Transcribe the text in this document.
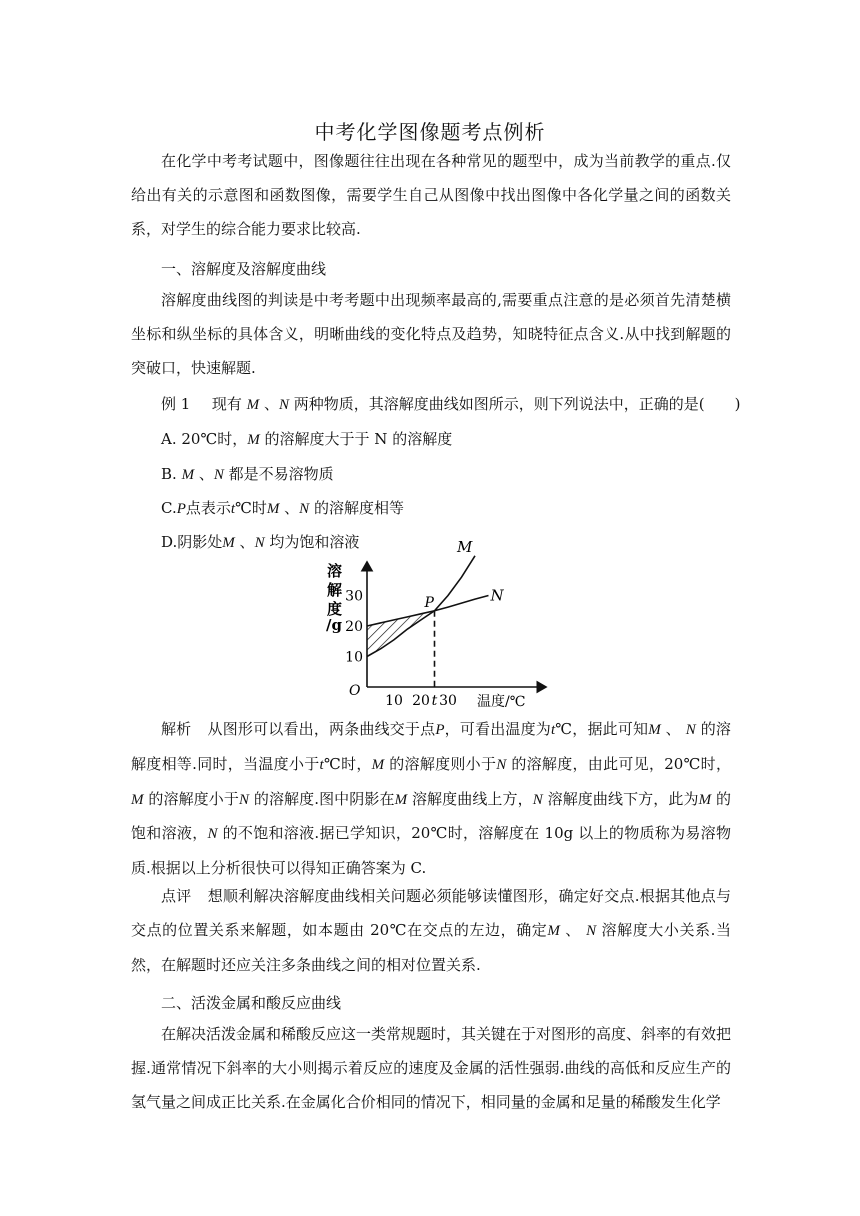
中考化学图像题考点例析

在化学中考考试题中，图像题往往出现在各种常见的题型中，成为当前教学的重点.仅给出有关的示意图和函数图像，需要学生自己从图像中找出图像中各化学量之间的函数关系，对学生的综合能力要求比较高.

一、溶解度及溶解度曲线

溶解度曲线图的判读是中考考题中出现频率最高的,需要重点注意的是必须首先清楚横坐标和纵坐标的具体含义，明晰曲线的变化特点及趋势，知晓特征点含义.从中找到解题的突破口，快速解题.

例 1 现有 M 、N 两种物质，其溶解度曲线如图所示，则下列说法中，正确的是(　　)
A. 20℃时，M 的溶解度大于于 N 的溶解度
B. M 、N 都是不易溶物质
C.P点表示t℃时M 、N 的溶解度相等
D.阴影处M 、N 均为饱和溶液
溶
解
度
/g
10
20
30
10 20 t 30
O
温度/℃
P
M
N

解析 从图形可以看出，两条曲线交于点P，可看出温度为t℃，据此可知M 、 N 的溶解度相等.同时，当温度小于t℃时，M 的溶解度则小于N 的溶解度，由此可见，20℃时，M 的溶解度小于N 的溶解度.图中阴影在M 溶解度曲线上方，N 溶解度曲线下方，此为M 的饱和溶液，N 的不饱和溶液.据已学知识，20℃时，溶解度在 10g 以上的物质称为易溶物质.根据以上分析很快可以得知正确答案为 C.

点评 想顺利解决溶解度曲线相关问题必须能够读懂图形，确定好交点.根据其他点与交点的位置关系来解题，如本题由 20℃在交点的左边，确定M 、 N 溶解度大小关系.当然，在解题时还应关注多条曲线之间的相对位置关系.

二、活泼金属和酸反应曲线

在解决活泼金属和稀酸反应这一类常规题时，其关键在于对图形的高度、斜率的有效把握.通常情况下斜率的大小则揭示着反应的速度及金属的活性强弱.曲线的高低和反应生产的氢气量之间成正比关系.在金属化合价相同的情况下，相同量的金属和足量的稀酸发生化学
